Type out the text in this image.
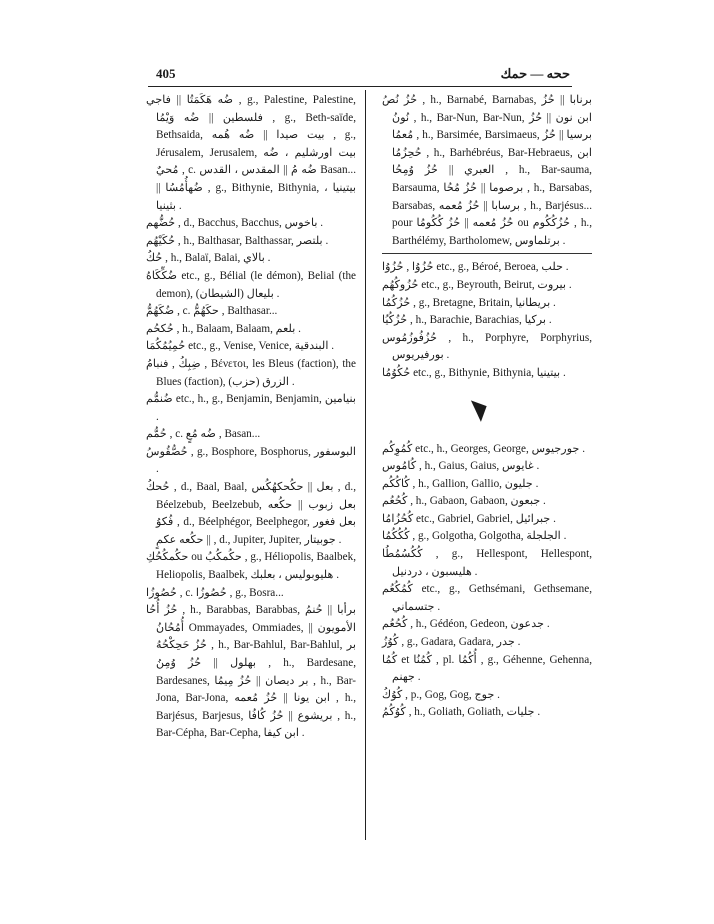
405	ححه — حمك

ضُه هَكَمَتُا || فاجي , g., Palestine, Palestine, فلسطين || ضُه وَيْمُا , g., Beth-saïde, Bethsaida, بيت صيدا || ضُه هُمه , g., Jérusalem, Jerusalem, بيت اورشليم ، ضُه مُحيٌ , c. ضُه مُ || المقدس ، القدس Basan... || ضُهأُمُسُا , g., Bithynie, Bithynia, بيتينيا ، بثينيا .

حُضُّهم , d., Bacchus, Bacchus, باخوس .

حُكَيْهُم , h., Balthasar, Balthassar, بلتصر .

حُكُ , h., Balaï, Balai, بالاي .

ضُكِّكَاهُ etc., g., Bélial (le démon), Belial (the demon), بليعال (الشيطان) .

ضُكَهُمُّ , c. حكَهُمُّ , Balthasar...

حُكحُم , h., Balaam, Balaam, بلعم .

حُمِيُمُكُمَا etc., g., Venise, Venice, البندقية .

ضِبِكُ , فنبامُ , Βένετοι, les Bleus (faction), the Blues (faction), الزرق (حزب) .

ضُنمُّم etc., h., g., Benjamin, Benjamin, بنيامين .

حُمُّم , c. ضُه مُعٍ , Basan...

حُصُّقُوسُ , g., Bosphore, Bosphorus, البوسفور .

حُحكُ , d., Baal, Baal, بعل || حكُحكهُكُس , d., Béelzebub, Beelzebub, بعل زبوب || حكُعه فُكوُ , d., Béelphégor, Beelphegor, بعل فغور || حكُعه عكمٍ , d., Jupiter, Jupiter, جوبيتار .

حكُمكُحُكِ ou حكُمكُبُ , g., Héliopolis, Baalbek, Heliopolis, Baalbek, هليوبوليس ، بعلبك .

حُصُوزُا , c. حُصُوزُا , g., Bosra...

حُزُ أُحُا , h., Barabbas, Barabbas, برأبا || حُنمُ أُمُحُانُ Ommayades, Ommiades, الأمويون || حُزُ حَحِكْحُهُ , h., Bar-Bahlul, Bar-Bahlul, بر بهلول || حُزُ وُمِنُ , h., Bardesane, Bardesanes, بر ديصان || حُزُ مِيمُا , h., Bar-Jona, Bar-Jona, ابن يونا || حُزُ مُعمه , h., Barjésus, Barjesus, بريشوع || حُزُ كُافُا , h., Bar-Cépha, Bar-Cepha, ابن كيفا .

حُزُ نُصُ , h., Barnabé, Barnabas, برنابا || حُزُ نُونُ , h., Bar-Nun, Bar-Nun, ابن نون || حُزُ مُعمُا , h., Barsimée, Barsimaeus, برسيا || حُزُ حُحِزُمُا , h., Barhébréus, Bar-Hebraeus, ابن العبري || حُزُ وُمِحُا , h., Bar-sauma, Barsauma, برصوما || حُزُ مُحُا , h., Barsabas, Barsabas, برسابا || حُزُ مُعمه , h., Barjésus... pour حُزُ مُعمه || حُزُ كُكُومُا ou حُزُكُكُوم , h., Barthélémy, Bartholomew, برتلماوس .

حُزُوُا , حُزُوُا etc., g., Béroé, Beroea, حلب .

حُزُوكُهُم etc., g., Beyrouth, Beirut, بيروت .

حُزُكُمُا , g., Bretagne, Britain, بريطانيا .

حُزُكُيُا , h., Barachie, Barachias, بركيا .

حُزُفُوزُمُوس , h., Porphyre, Porphyrius, بورفيريوس .

حُكُوُمُا etc., g., Bithynie, Bithynia, بيتينيا .

◥

كُمُوِكُم etc., h., Georges, George, جورجيوس .

كُامُوس , h., Gaius, Gaius, غايوس .

كُاكُكُم , h., Gallion, Gallio, جليون .

كُحُعُم , h., Gabaon, Gabaon, جبعون .

كُحُزُامُا etc., Gabriel, Gabriel, جبرائيل .

كُكُكُمُا , g., Golgotha, Golgotha, الجلجلة .

كُكُسُمُطُا , g., Hellespont, Hellespont, هليسبون ، دردنيل .

كُمُكُعُم etc., g., Gethsémani, Gethsemane, جتسماني .

كُحُعُم , h., Gédéon, Gedeon, جدعون .

كُوُزُ , g., Gadara, Gadara, جدر .

كُمُا et كُمُنُا , pl. أُكُمُا , g., Géhenne, Gehenna, جهنم .

كُوُكُ , p., Gog, Gog, جوج .

كُوُكُمُ , h., Goliath, Goliath, جليات .
